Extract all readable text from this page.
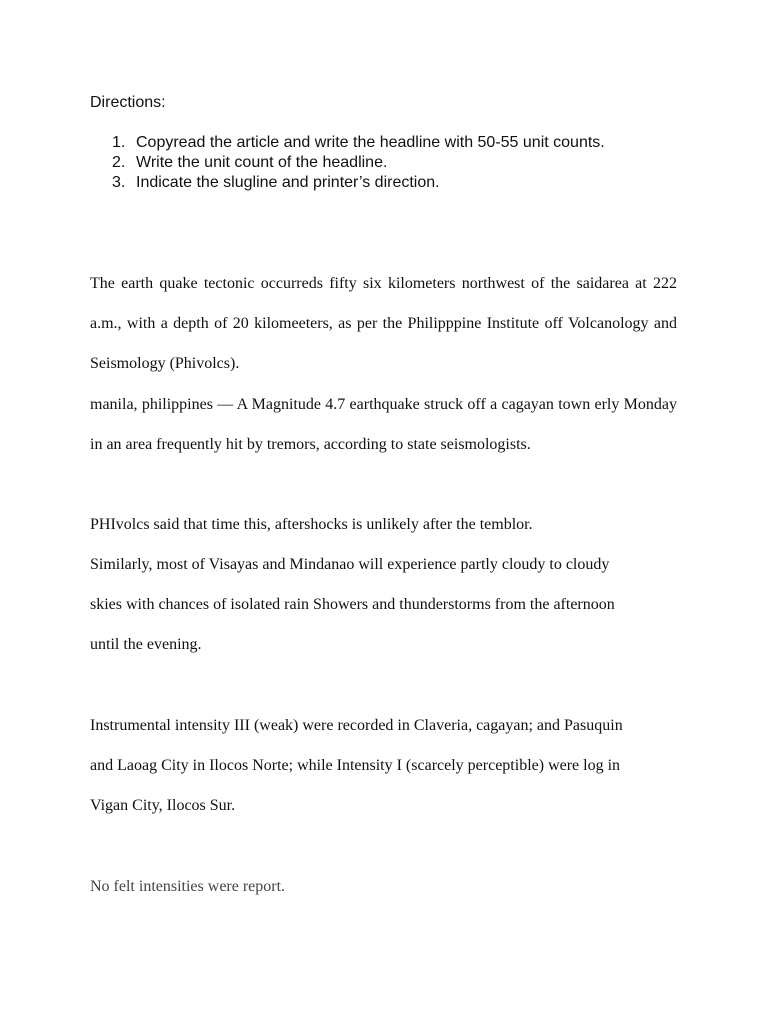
Directions:

1. Copyread the article and write the headline with 50-55 unit counts.
2. Write the unit count of the headline.
3. Indicate the slugline and printer’s direction.

The earth quake tectonic occurreds fifty six kilometers northwest of the saidarea at 222 a.m., with a depth of 20 kilomeeters, as per the Philipppine Institute off Volcanology and Seismology (Phivolcs).

manila, philippines — A Magnitude 4.7 earthquake struck off a cagayan town erly Monday in an area frequently hit by tremors, according to state seismologists.

PHIvolcs said that time this, aftershocks is unlikely after the temblor.

Similarly, most of Visayas and Mindanao will experience partly cloudy to cloudy
skies with chances of isolated rain Showers and thunderstorms from the afternoon
until the evening.
Instrumental intensity III (weak) were recorded in Claveria, cagayan; and Pasuquin
and Laoag City in Ilocos Norte; while Intensity I (scarcely perceptible) were log in
Vigan City, Ilocos Sur.

No felt intensities were report.
